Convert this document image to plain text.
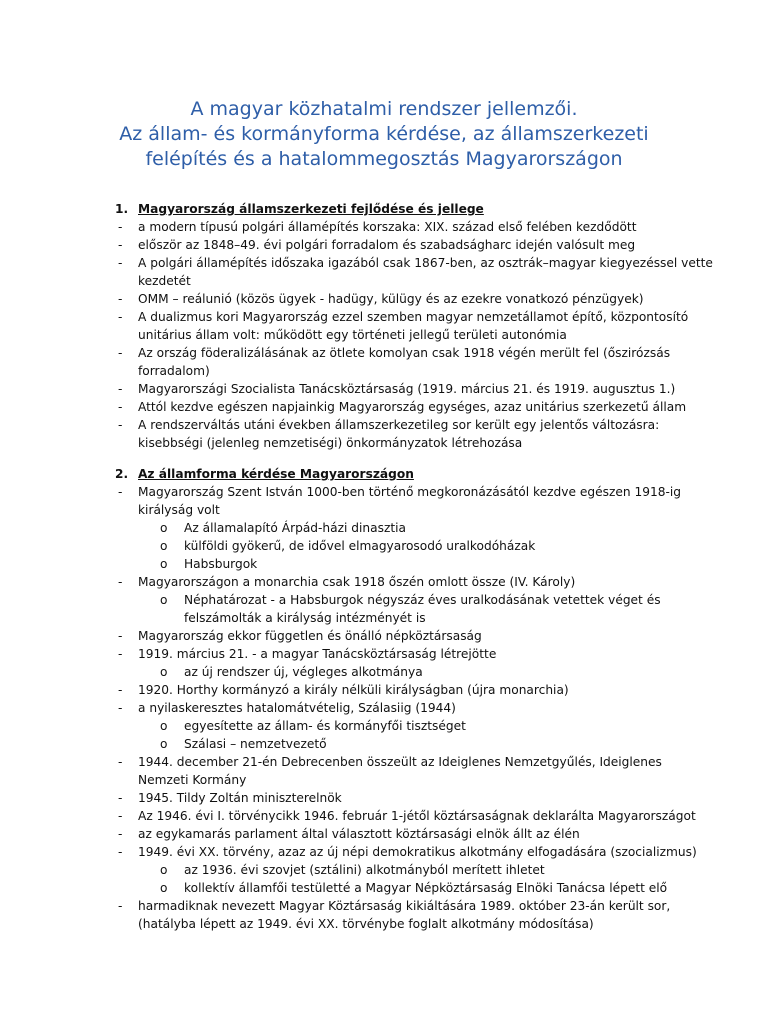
A magyar közhatalmi rendszer jellemzői.
Az állam- és kormányforma kérdése, az államszerkezeti
felépítés és a hatalommegosztás Magyarországon
1. Magyarország államszerkezeti fejlődése és jellege
- a modern típusú polgári államépítés korszaka: XIX. század első felében kezdődött
- először az 1848–49. évi polgári forradalom és szabadságharc idején valósult meg
- A polgári államépítés időszaka igazából csak 1867-ben, az osztrák–magyar kiegyezéssel vette
kezdetét
- OMM – reálunió (közös ügyek - hadügy, külügy és az ezekre vonatkozó pénzügyek)
- A dualizmus kori Magyarország ezzel szemben magyar nemzetállamot építő, központosító
unitárius állam volt: működött egy történeti jellegű területi autonómia
- Az ország föderalizálásának az ötlete komolyan csak 1918 végén merült fel (őszirózsás
forradalom)
- Magyarországi Szocialista Tanácsköztársaság (1919. március 21. és 1919. augusztus 1.)
- Attól kezdve egészen napjainkig Magyarország egységes, azaz unitárius szerkezetű állam
- A rendszerváltás utáni években államszerkezetileg sor került egy jelentős változásra:
kisebbségi (jelenleg nemzetiségi) önkormányzatok létrehozása
2. Az államforma kérdése Magyarországon
- Magyarország Szent István 1000-ben történő megkoronázásától kezdve egészen 1918-ig
királyság volt
o Az államalapító Árpád-házi dinasztia
o külföldi gyökerű, de idővel elmagyarosodó uralkodóházak
o Habsburgok
- Magyarországon a monarchia csak 1918 őszén omlott össze (IV. Károly)
o Néphatározat - a Habsburgok négyszáz éves uralkodásának vetettek véget és
felszámolták a királyság intézményét is
- Magyarország ekkor független és önálló népköztársaság
- 1919. március 21. - a magyar Tanácsköztársaság létrejötte
o az új rendszer új, végleges alkotmánya
- 1920. Horthy kormányzó a király nélküli királyságban (újra monarchia)
- a nyilaskeresztes hatalomátvételig, Szálasiig (1944)
o egyesítette az állam- és kormányfői tisztséget
o Szálasi – nemzetvezető
- 1944. december 21-én Debrecenben összeült az Ideiglenes Nemzetgyűlés, Ideiglenes
Nemzeti Kormány
- 1945. Tildy Zoltán miniszterelnök
- Az 1946. évi I. törvénycikk 1946. február 1-jétől köztársaságnak deklarálta Magyarországot
- az egykamarás parlament által választott köztársasági elnök állt az élén
- 1949. évi XX. törvény, azaz az új népi demokratikus alkotmány elfogadására (szocializmus)
o az 1936. évi szovjet (sztálini) alkotmányból merített ihletet
o kollektív államfői testületté a Magyar Népköztársaság Elnöki Tanácsa lépett elő
- harmadiknak nevezett Magyar Köztársaság kikiáltására 1989. október 23-án került sor,
(hatályba lépett az 1949. évi XX. törvénybe foglalt alkotmány módosítása)
